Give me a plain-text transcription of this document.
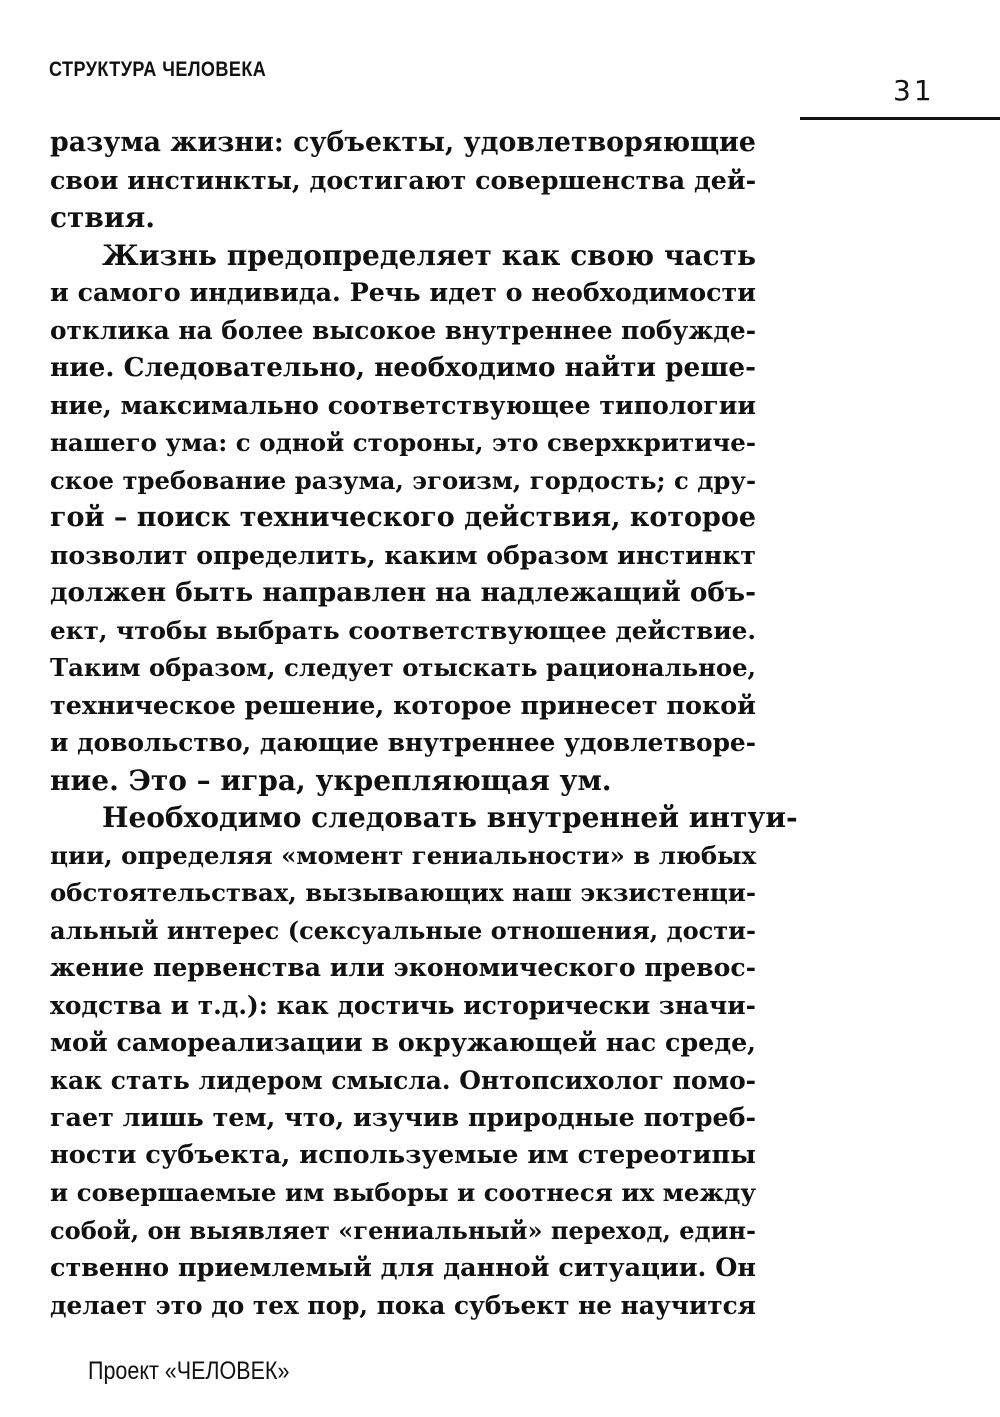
СТРУКТУРА ЧЕЛОВЕКА
31
разума жизни: субъекты, удовлетворяющие
свои инстинкты, достигают совершенства дей-
ствия.
Жизнь предопределяет как свою часть
и самого индивида. Речь идет о необходимости
отклика на более высокое внутреннее побужде-
ние. Следовательно, необходимо найти реше-
ние, максимально соответствующее типологии
нашего ума: с одной стороны, это сверхкритиче-
ское требование разума, эгоизм, гордость; с дру-
гой – поиск технического действия, которое
позволит определить, каким образом инстинкт
должен быть направлен на надлежащий объ-
ект, чтобы выбрать соответствующее действие.
Таким образом, следует отыскать рациональное,
техническое решение, которое принесет покой
и довольство, дающие внутреннее удовлетворе-
ние. Это – игра, укрепляющая ум.
Необходимо следовать внутренней интуи-
ции, определяя «момент гениальности» в любых
обстоятельствах, вызывающих наш экзистенци-
альный интерес (сексуальные отношения, дости-
жение первенства или экономического превос-
ходства и т.д.): как достичь исторически значи-
мой самореализации в окружающей нас среде,
как стать лидером смысла. Онтопсихолог помо-
гает лишь тем, что, изучив природные потреб-
ности субъекта, используемые им стереотипы
и совершаемые им выборы и соотнеся их между
собой, он выявляет «гениальный» переход, един-
ственно приемлемый для данной ситуации. Он
делает это до тех пор, пока субъект не научится
Проект «ЧЕЛОВЕК»
